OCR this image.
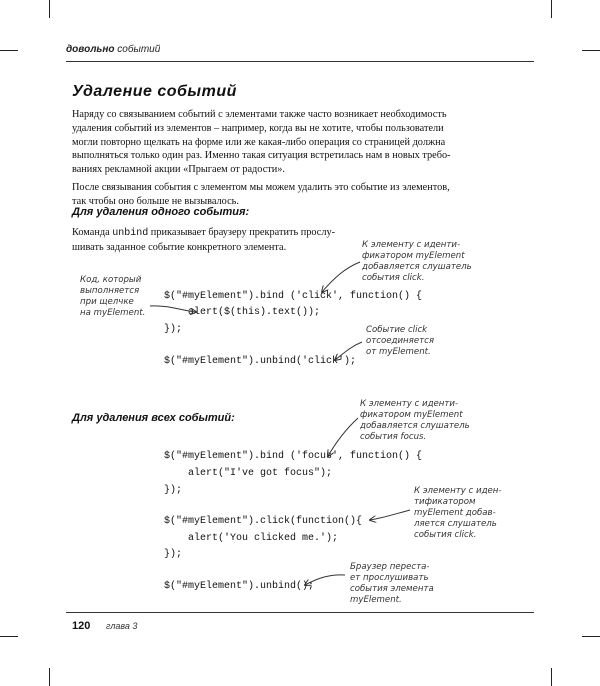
довольно событий
Удаление событий
Наряду со связыванием событий с элементами также часто возникает необходимость
удаления событий из элементов – например, когда вы не хотите, чтобы пользователи
могли повторно щелкать на форме или же какая-либо операция со страницей должна
выполняться только один раз. Именно такая ситуация встретилась нам в новых требо-
ваниях рекламной акции «Прыгаем от радости».
После связывания события с элементом мы можем удалить это событие из элементов,
так чтобы оно больше не вызывалось.
Для удаления одного события:
Команда unbind приказывает браузеру прекратить прослу-
шивать заданное событие конкретного элемента.
$("#myElement").bind ('click', function() {
alert($(this).text());
});
$("#myElement").unbind('click');
Код, который
выполняется
при щелчке
на myElement.
К элементу с иденти-
фикатором myElement
добавляется слушатель
события click.
Событие click
отсоединяется
от myElement.
Для удаления всех событий:
$("#myElement").bind ('focus', function() {
alert("I've got focus");
});
$("#myElement").click(function(){
alert('You clicked me.');
});
$("#myElement").unbind();
К элементу с иденти-
фикатором myElement
добавляется слушатель
события focus.
К элементу с иден-
тификатором
myElement добав-
ляется слушатель
события click.
Браузер переста-
ет прослушивать
события элемента
myElement.
120 глава 3
